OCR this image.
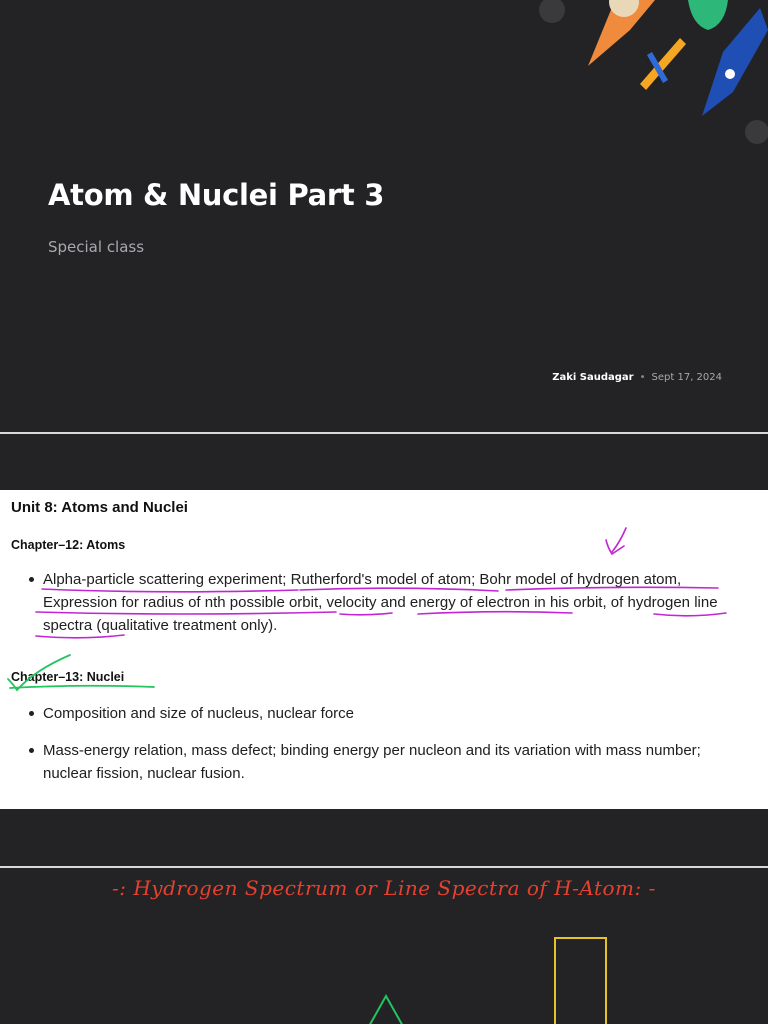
Atom & Nuclei Part 3

Special class

Zaki Saudagar • Sept 17, 2024
Unit 8: Atoms and Nuclei
Chapter–12: Atoms
Alpha-particle scattering experiment; Rutherford's model of atom; Bohr model of hydrogen atom, Expression for radius of nth possible orbit, velocity and energy of electron in his orbit, of hydrogen line spectra (qualitative treatment only).
Chapter–13: Nuclei
Composition and size of nucleus, nuclear force
Mass-energy relation, mass defect; binding energy per nucleon and its variation with mass number; nuclear fission, nuclear fusion.

-: Hydrogen Spectrum or Line Spectra of H-Atom: -
